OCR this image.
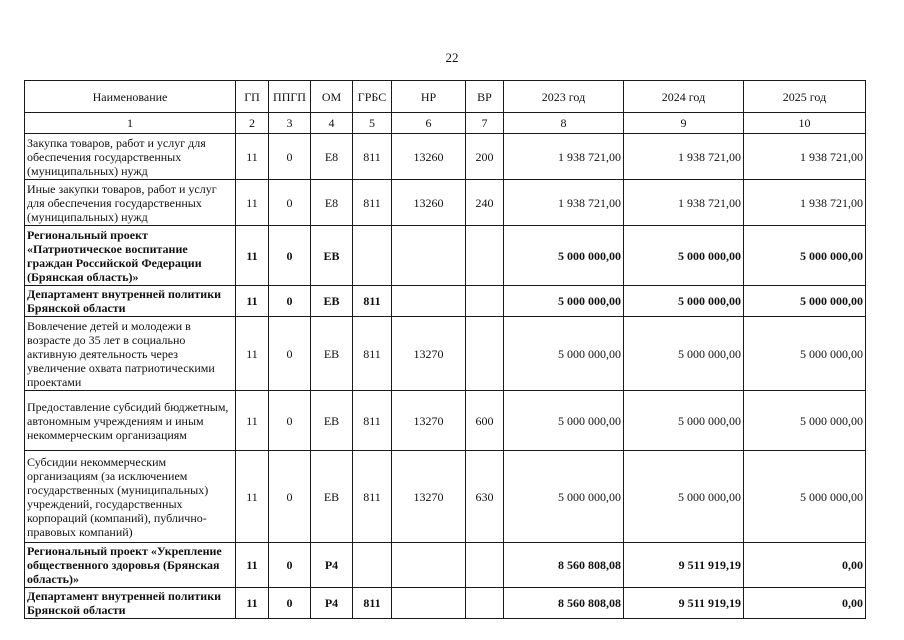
22
Наименование	ГП	ППГП	ОМ	ГРБС	НР	ВР	2023 год	2024 год	2025 год
1	2	3	4	5	6	7	8	9	10
Закупка товаров, работ и услуг для обеспечения государственных (муниципальных) нужд	11	0	E8	811	13260	200	1 938 721,00	1 938 721,00	1 938 721,00
Иные закупки товаров, работ и услуг для обеспечения государственных (муниципальных) нужд	11	0	E8	811	13260	240	1 938 721,00	1 938 721,00	1 938 721,00
Региональный проект «Патриотическое воспитание граждан Российской Федерации (Брянская область)»	11	0	EB				5 000 000,00	5 000 000,00	5 000 000,00
Департамент внутренней политики Брянской области	11	0	EB	811			5 000 000,00	5 000 000,00	5 000 000,00
Вовлечение детей и молодежи в возрасте до 35 лет в социально активную деятельность через увеличение охвата патриотическими проектами	11	0	EB	811	13270		5 000 000,00	5 000 000,00	5 000 000,00
Предоставление субсидий бюджетным, автономным учреждениям и иным некоммерческим организациям	11	0	EB	811	13270	600	5 000 000,00	5 000 000,00	5 000 000,00
Субсидии некоммерческим организациям (за исключением государственных (муниципальных) учреждений, государственных корпораций (компаний), публично-правовых компаний)	11	0	EB	811	13270	630	5 000 000,00	5 000 000,00	5 000 000,00
Региональный проект «Укрепление общественного здоровья (Брянская область)»	11	0	P4				8 560 808,08	9 511 919,19	0,00
Департамент внутренней политики Брянской области	11	0	P4	811			8 560 808,08	9 511 919,19	0,00
